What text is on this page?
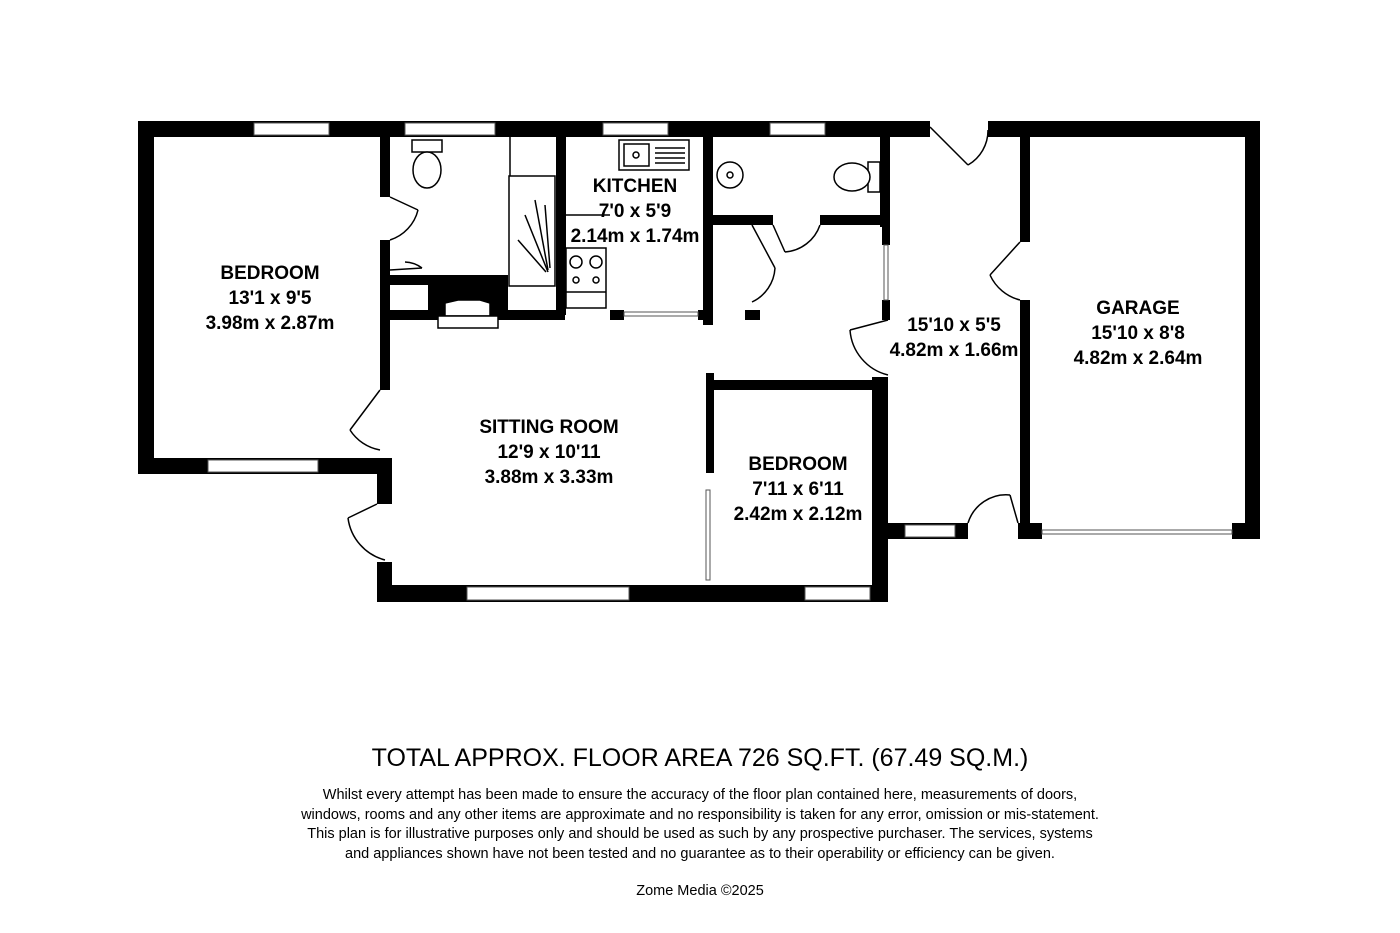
BEDROOM
13'1 x 9'5
3.98m x 2.87m
KITCHEN
7'0 x 5'9
2.14m x 1.74m
SITTING ROOM
12'9 x 10'11
3.88m x 3.33m
BEDROOM
7'11 x 6'11
2.42m x 2.12m
15'10 x 5'5
4.82m x 1.66m
GARAGE
15'10 x 8'8
4.82m x 2.64m
TOTAL APPROX. FLOOR AREA 726 SQ.FT. (67.49 SQ.M.)
Whilst every attempt has been made to ensure the accuracy of the floor plan contained here, measurements of doors, windows, rooms and any other items are approximate and no responsibility is taken for any error, omission or mis-statement. This plan is for illustrative purposes only and should be used as such by any prospective purchaser. The services, systems and appliances shown have not been tested and no guarantee as to their operability or efficiency can be given.
Zome Media ©2025
